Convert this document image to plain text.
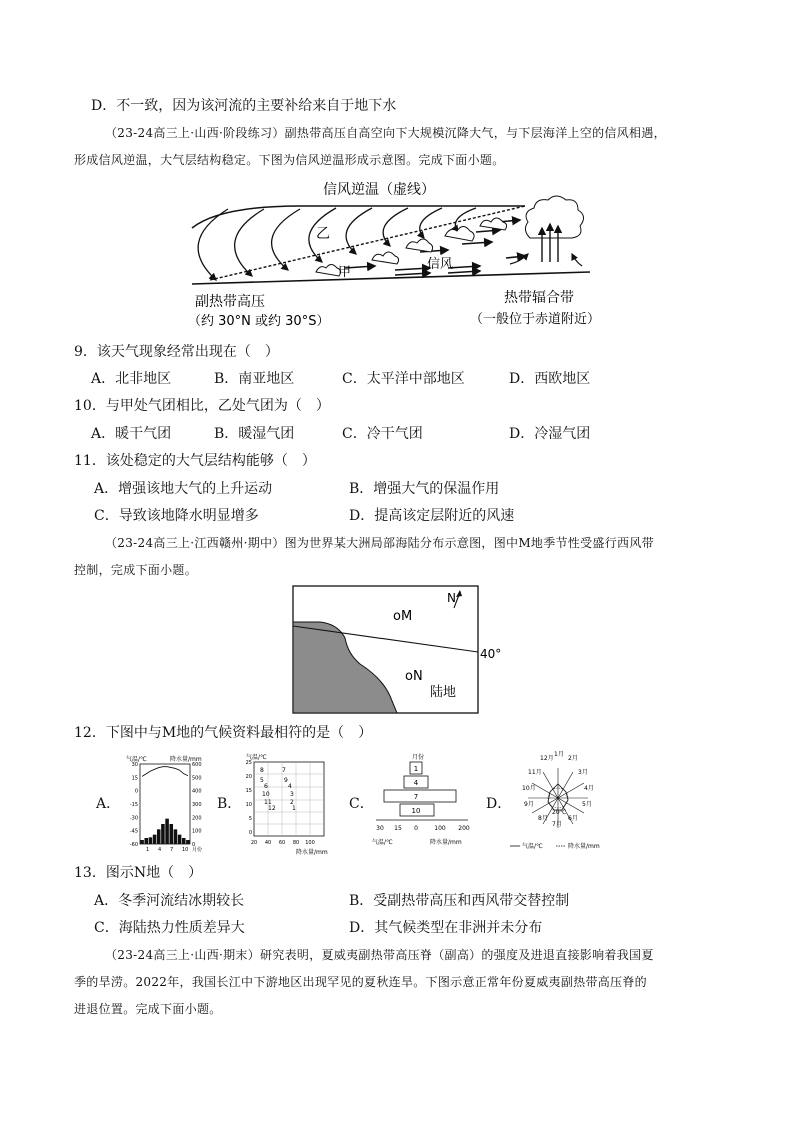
D．不一致，因为该河流的主要补给来自于地下水
（23-24高三上·山西·阶段练习）副热带高压自高空向下大规模沉降大气，与下层海洋上空的信风相遇，
形成信风逆温，大气层结构稳定。下图为信风逆温形成示意图。完成下面小题。
信风逆温（虚线）
乙
甲
信风
副热带高压
（约 30°N 或约 30°S）
热带辐合带
（一般位于赤道附近）
9．该天气现象经常出现在（　）
A．北非地区	B．南亚地区	C．太平洋中部地区	D．西欧地区
10．与甲处气团相比，乙处气团为（　）
A．暖干气团	B．暖湿气团	C．冷干气团	D．冷湿气团
11．该处稳定的大气层结构能够（　）
A．增强该地大气的上升运动	B．增强大气的保温作用
C．导致该地降水明显增多	D．提高该定层附近的风速
（23-24高三上·江西赣州·期中）图为世界某大洲局部海陆分布示意图，图中M地季节性受盛行西风带
控制，完成下面小题。
N
oM
oN
陆地
40°
12．下图中与M地的气候资料最相符的是（　）
A．	B．	C．	D．
气温/℃	降水量/mm
30
15
0
-15
-30
-45
-60
600
500
400
300
200
100
0
1 4 7 10 月份
气温/℃
8	7
5	9
6	4
10	3
11	2
12	1
25
20
15
10
5
0
20 40 60 80 100
降水量/mm
月份
1
4
7
10
30 15 0	100 200
气温/℃	降水量/mm
1月
12月 2月
11月	3月
10月	4月
9月	5月
8月	6月
7月
20℃
气温/℃	降水量/mm
13．图示N地（　）
A．冬季河流结冰期较长	B．受副热带高压和西风带交替控制
C．海陆热力性质差异大	D．其气候类型在非洲并未分布
（23-24高三上·山西·期末）研究表明，夏威夷副热带高压脊（副高）的强度及进退直接影响着我国夏
季的旱涝。2022年，我国长江中下游地区出现罕见的夏秋连旱。下图示意正常年份夏威夷副热带高压脊的
进退位置。完成下面小题。
